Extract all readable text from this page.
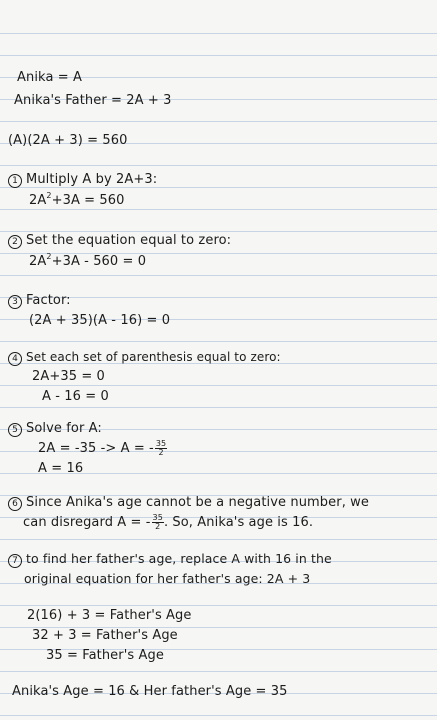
Anika = A
Anika's Father = 2A + 3
(A)(2A + 3) = 560
1 Multiply A by 2A+3:
$2A^2+3A = 560$
2 Set the equation equal to zero:
$2A^2+3A - 560 = 0$
3 Factor:
(2A + 35)(A - 16) = 0
4 Set each set of parenthesis equal to zero:
2A+35 = 0
A - 16 = 0
5 Solve for A:
2A = -35 -> A = - $\frac{35}{2}$
A = 16
6 Since Anika's age cannot be a negative number, we
can disregard A = - $\frac{35}{2}$ . So, Anika's age is 16.
7 to find her father's age, replace A with 16 in the
original equation for her father's age: 2A + 3
2(16) + 3 = Father's Age
32 + 3 = Father's Age
35 = Father's Age
Anika's Age = 16 & Her father's Age = 35
